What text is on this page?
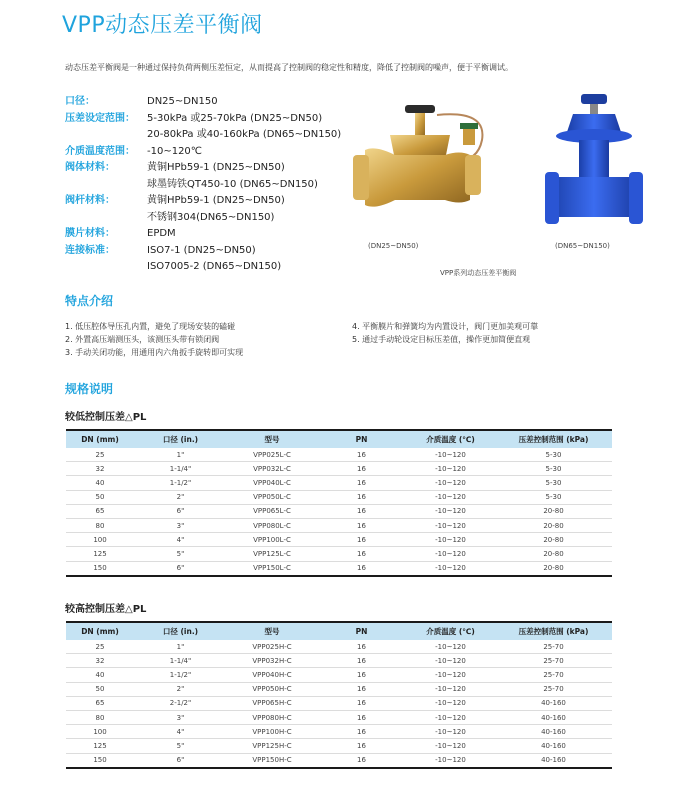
VPP动态压差平衡阀
动态压差平衡阀是一种通过保持负荷两侧压差恒定，从而提高了控制阀的稳定性和精度，降低了控制阀的噪声，便于平衡调试。
口径：	DN25~DN150
压差设定范围：	5-30kPa 或25-70kPa (DN25~DN50)
20-80kPa 或40-160kPa (DN65~DN150)
介质温度范围：	-10~120℃
阀体材料：	黄铜HPb59-1 (DN25~DN50)
球墨铸铁QT450-10 (DN65~DN150)
阀杆材料：	黄铜HPb59-1 (DN25~DN50)
不锈钢304(DN65~DN150)
膜片材料：	EPDM
连接标准：	ISO7-1 (DN25~DN50)
ISO7005-2 (DN65~DN150)
(DN25~DN50)	(DN65~DN150)
VPP系列动态压差平衡阀
特点介绍
1. 低压腔体导压孔内置，避免了现场安装的磕碰
2. 外置高压端测压头，该测压头带有锁闭阀
3. 手动关闭功能，用通用内六角扳手旋转即可实现
4. 平衡膜片和弹簧均为内置设计，阀门更加美观可靠
5. 通过手动轮设定目标压差值，操作更加简便直观
规格说明
较低控制压差△PL
DN (mm)	口径 (in.)	型号	PN	介质温度 (℃)	压差控制范围 (kPa)
25	1"	VPP025L-C	16	-10~120	5-30
32	1-1/4"	VPP032L-C	16	-10~120	5-30
40	1-1/2"	VPP040L-C	16	-10~120	5-30
50	2"	VPP050L-C	16	-10~120	5-30
65	6"	VPP065L-C	16	-10~120	20-80
80	3"	VPP080L-C	16	-10~120	20-80
100	4"	VPP100L-C	16	-10~120	20-80
125	5"	VPP125L-C	16	-10~120	20-80
150	6"	VPP150L-C	16	-10~120	20-80
较高控制压差△PL
DN (mm)	口径 (in.)	型号	PN	介质温度 (℃)	压差控制范围 (kPa)
25	1"	VPP025H-C	16	-10~120	25-70
32	1-1/4"	VPP032H-C	16	-10~120	25-70
40	1-1/2"	VPP040H-C	16	-10~120	25-70
50	2"	VPP050H-C	16	-10~120	25-70
65	2-1/2"	VPP065H-C	16	-10~120	40-160
80	3"	VPP080H-C	16	-10~120	40-160
100	4"	VPP100H-C	16	-10~120	40-160
125	5"	VPP125H-C	16	-10~120	40-160
150	6"	VPP150H-C	16	-10~120	40-160
